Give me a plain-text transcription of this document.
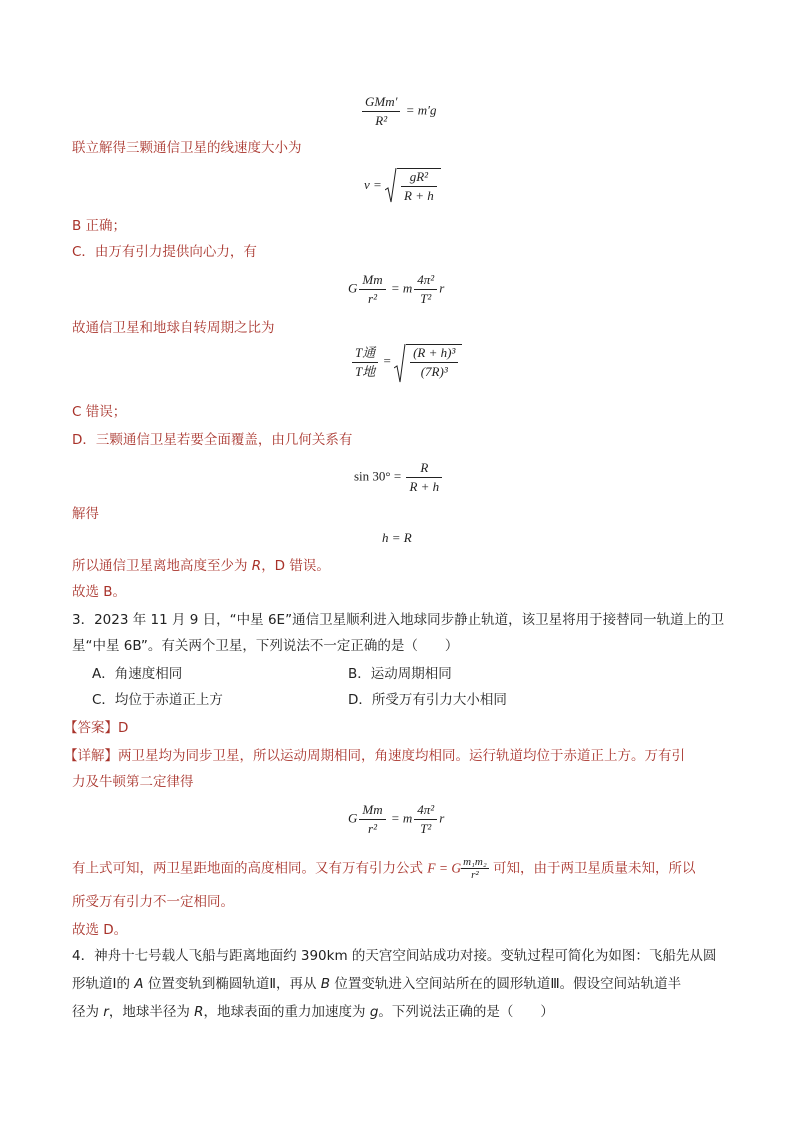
$\frac{\text{GMm′}}{\text{R²}} = m'g$
联立解得三颗通信卫星的线速度大小为
$v = \frac{\text{gR²}}{R + h}$
B 正确；
C．由万有引力提供向心力，有
G $\frac{Mm}{\text{r²}} = m \frac{\text{4π²}}{\text{T²}}$ r
故通信卫星和地球自转周期之比为
$\frac{\text{T通}}{\text{T地}} = \frac{\text{(R + h)³}}{\text{(7R)³}}$
C 错误；
D．三颗通信卫星若要全面覆盖，由几何关系有
$\sin 30^\circ = \frac{R}{R + h}$
解得
h = R
所以通信卫星离地高度至少为 R，D 错误。
故选 B。
3．2023 年 11 月 9 日，“中星 6E”通信卫星顺利进入地球同步静止轨道，该卫星将用于接替同一轨道上的卫
星“中星 6B”。有关两个卫星，下列说法不一定正确的是（　　）
A．角速度相同	B．运动周期相同
C．均位于赤道正上方	D．所受万有引力大小相同
【答案】D
【详解】两卫星均为同步卫星，所以运动周期相同，角速度均相同。运行轨道均位于赤道正上方。万有引
力及牛顿第二定律得
G $\frac{Mm}{\text{r²}} = m \frac{\text{4π²}}{\text{T²}}$ r
有上式可知，两卫星距地面的高度相同。又有万有引力公式 F = G $\frac{\text{m₁m₂}}{\text{r²}}$ 可知，由于两卫星质量未知，所以
所受万有引力不一定相同。
故选 D。
4．神舟十七号载人飞船与距离地面约 390km 的天宫空间站成功对接。变轨过程可简化为如图：飞船先从圆
形轨道Ⅰ的 A 位置变轨到椭圆轨道Ⅱ，再从 B 位置变轨进入空间站所在的圆形轨道Ⅲ。假设空间站轨道半
径为 r，地球半径为 R，地球表面的重力加速度为 g。下列说法正确的是（　　）
